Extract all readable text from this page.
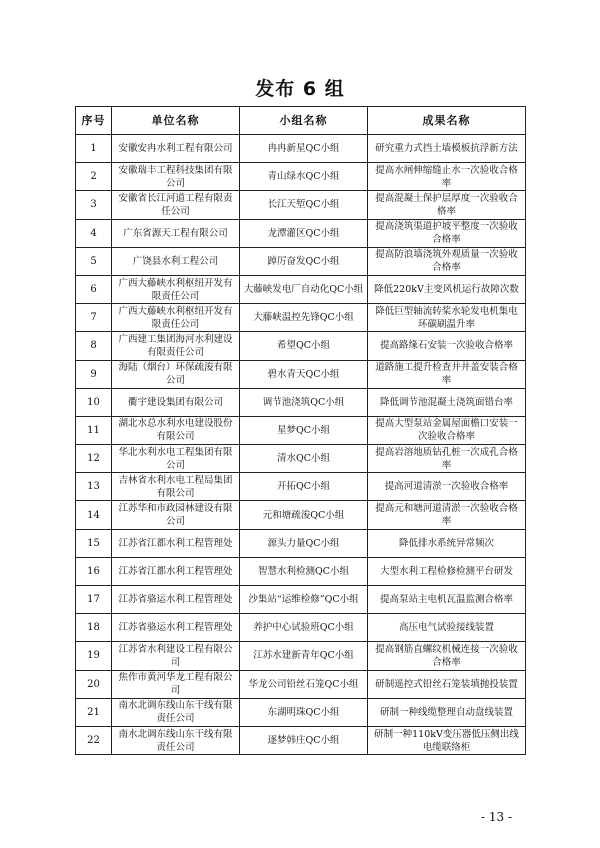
发布 6 组
序号	单位名称	小组名称	成果名称
1	安徽安冉水利工程有限公司	冉冉新星QC小组	研究重力式挡土墙模板抗浮新方法
2	安徽瑞丰工程科技集团有限公司	青山绿水QC小组	提高水闸伸缩缝止水一次验收合格率
3	安徽省长江河道工程有限责任公司	长江天堑QC小组	提高混凝土保护层厚度一次验收合格率
4	广东省源天工程有限公司	龙潭灌区QC小组	提高浇筑渠道护坡平整度一次验收合格率
5	广饶县水利工程公司	踔厉奋发QC小组	提高防浪墙浇筑外观质量一次验收合格率
6	广西大藤峡水利枢纽开发有限责任公司	大藤峡发电厂自动化QC小组	降低220kV主变风机运行故障次数
7	广西大藤峡水利枢纽开发有限责任公司	大藤峡温控先锋QC小组	降低巨型轴流转桨水轮发电机集电环碳刷温升率
8	广西建工集团海河水利建设有限责任公司	希望QC小组	提高路缘石安装一次验收合格率
9	海陆（烟台）环保疏浚有限公司	碧水青天QC小组	道路施工提升检查井井盖安装合格率
10	衢宇建设集团有限公司	调节池浇筑QC小组	降低调节池混凝土浇筑面错台率
11	湖北水总水利水电建设股份有限公司	星梦QC小组	提高大型泵站金属屋面檐口安装一次验收合格率
12	华北水利水电工程集团有限公司	清水QC小组	提高岩溶地质钻孔桩一次成孔合格率
13	吉林省水利水电工程局集团有限公司	开拓QC小组	提高河道清淤一次验收合格率
14	江苏华和市政园林建设有限公司	元和塘疏浚QC小组	提高元和塘河道清淤一次验收合格率
15	江苏省江都水利工程管理处	源头力量QC小组	降低排水系统异常频次
16	江苏省江都水利工程管理处	智慧水利检测QC小组	大型水利工程检修检测平台研发
17	江苏省骆运水利工程管理处	沙集站“运维检修”QC小组	提高泵站主电机瓦温监测合格率
18	江苏省骆运水利工程管理处	养护中心试验班QC小组	高压电气试验接线装置
19	江苏省水利建设工程有限公司	江苏水建新青年QC小组	提高钢筋直螺纹机械连接一次验收合格率
20	焦作市黄河华龙工程有限公司	华龙公司铅丝石笼QC小组	研制遥控式铅丝石笼装填抛投装置
21	南水北调东线山东干线有限责任公司	东湖明珠QC小组	研制一种线缆整理自动盘线装置
22	南水北调东线山东干线有限责任公司	逐梦韩庄QC小组	研制一种110kV变压器低压侧出线电缆联络柜
- 13 -
